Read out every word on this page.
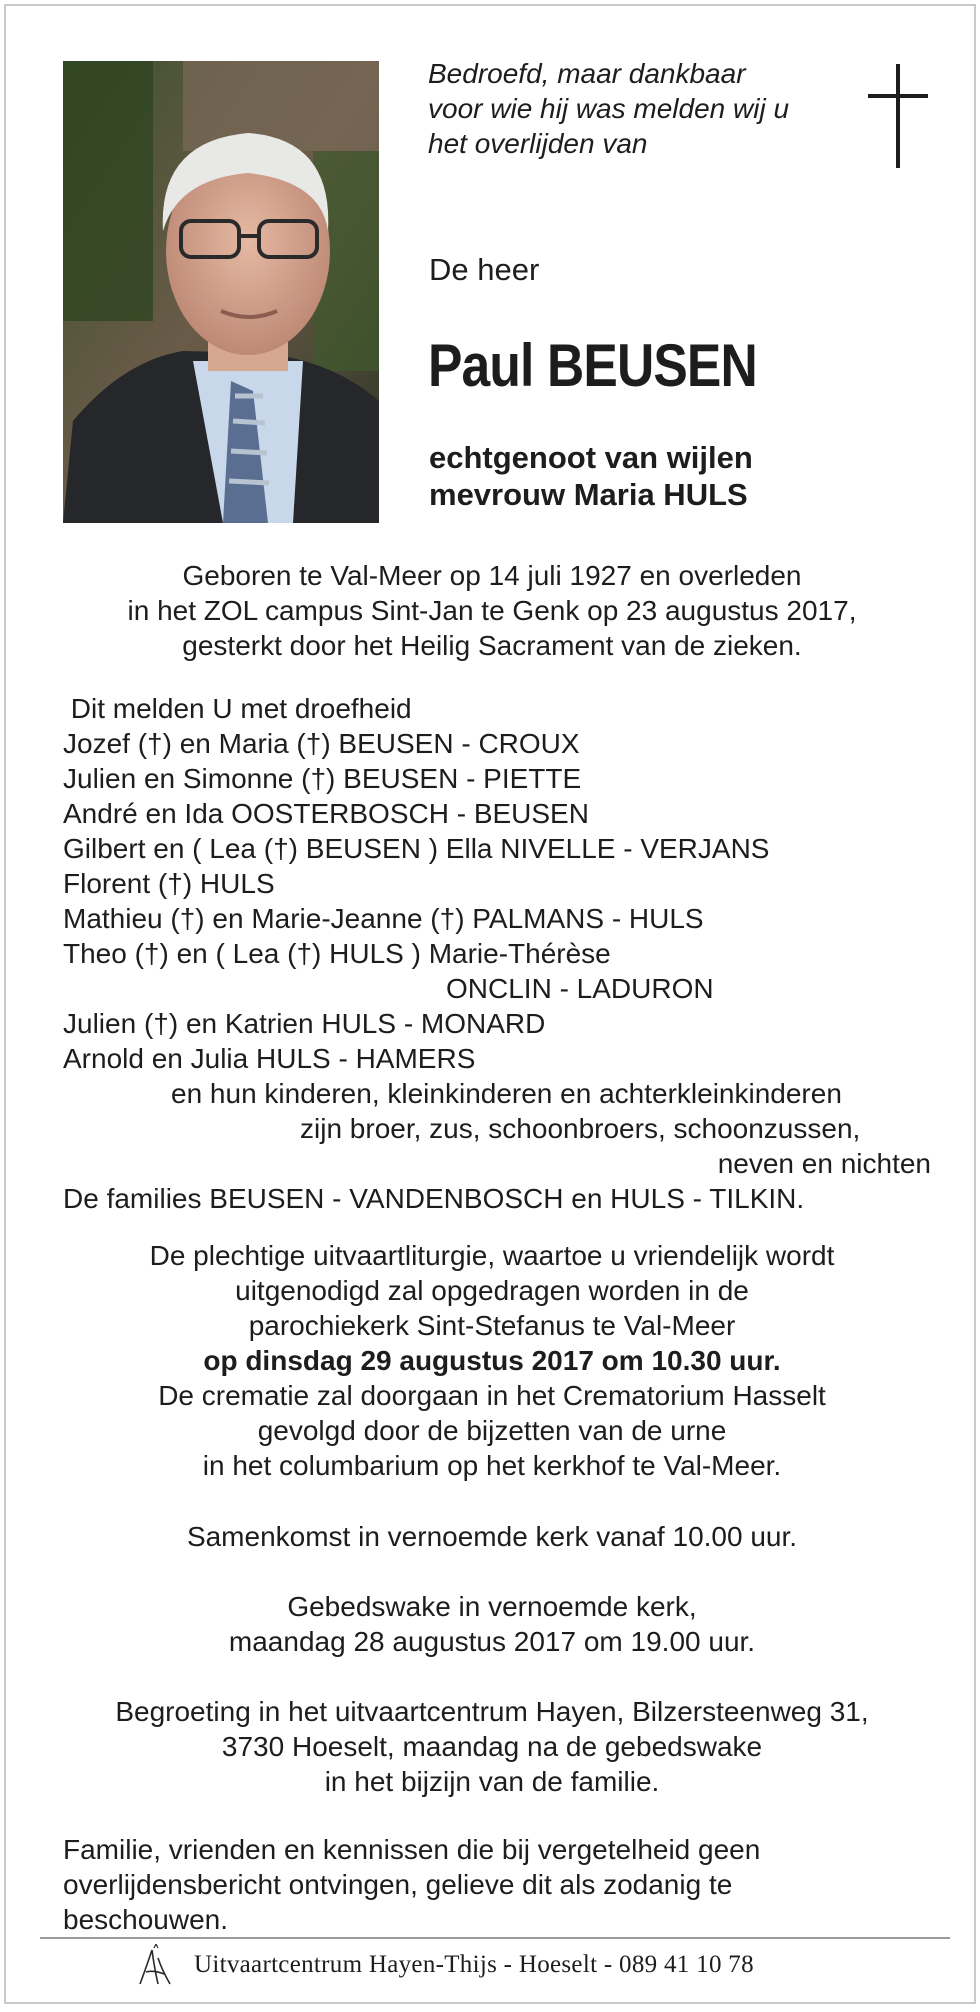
Bedroefd, maar dankbaar
voor wie hij was melden wij u
het overlijden van
De heer
Paul BEUSEN
echtgenoot van wijlen
mevrouw Maria HULS
Geboren te Val-Meer op 14 juli 1927 en overleden
in het ZOL campus Sint-Jan te Genk op 23 augustus 2017,
gesterkt door het Heilig Sacrament van de zieken.
Dit melden U met droefheid
Jozef (†) en Maria (†) BEUSEN - CROUX
Julien en Simonne (†) BEUSEN - PIETTE
André en Ida OOSTERBOSCH - BEUSEN
Gilbert en ( Lea (†) BEUSEN ) Ella NIVELLE - VERJANS
Florent (†) HULS
Mathieu (†) en Marie-Jeanne (†) PALMANS - HULS
Theo (†) en ( Lea (†) HULS ) Marie-Thérèse
ONCLIN - LADURON
Julien (†) en Katrien HULS - MONARD
Arnold en Julia HULS - HAMERS
en hun kinderen, kleinkinderen en achterkleinkinderen
zijn broer, zus, schoonbroers, schoonzussen,
neven en nichten
De families BEUSEN - VANDENBOSCH en HULS - TILKIN.
De plechtige uitvaartliturgie, waartoe u vriendelijk wordt
uitgenodigd zal opgedragen worden in de
parochiekerk Sint-Stefanus te Val-Meer
op dinsdag 29 augustus 2017 om 10.30 uur.
De crematie zal doorgaan in het Crematorium Hasselt
gevolgd door de bijzetten van de urne
in het columbarium op het kerkhof te Val-Meer.
Samenkomst in vernoemde kerk vanaf 10.00 uur.
Gebedswake in vernoemde kerk,
maandag 28 augustus 2017 om 19.00 uur.
Begroeting in het uitvaartcentrum Hayen, Bilzersteenweg 31,
3730 Hoeselt, maandag na de gebedswake
in het bijzijn van de familie.
Familie, vrienden en kennissen die bij vergetelheid geen
overlijdensbericht ontvingen, gelieve dit als zodanig te
beschouwen.
Uitvaartcentrum Hayen-Thijs - Hoeselt - 089 41 10 78
